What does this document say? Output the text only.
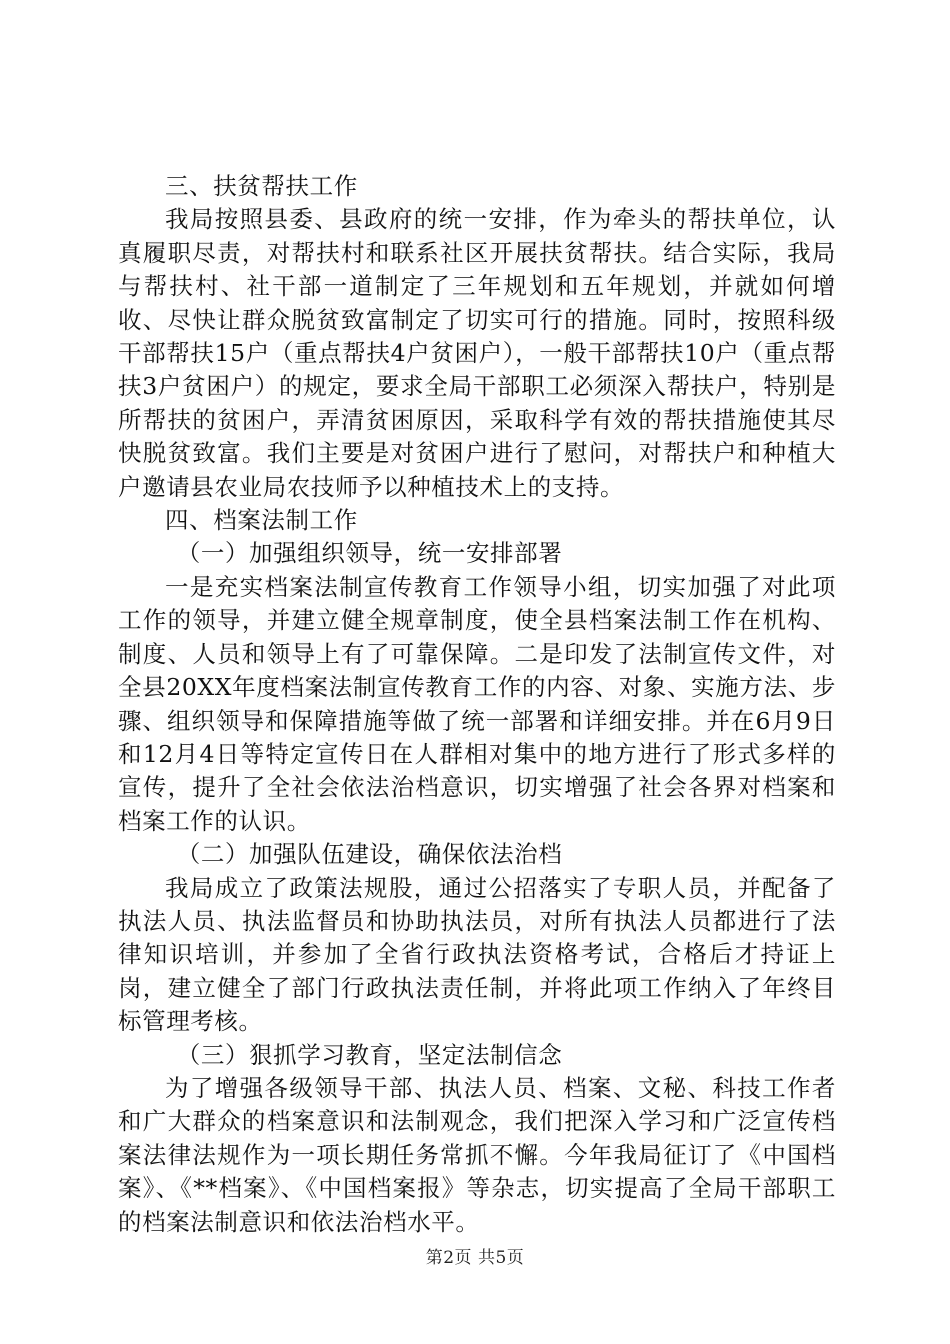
三、扶贫帮扶工作

我局按照县委、县政府的统一安排，作为牵头的帮扶单位，认真履职尽责，对帮扶村和联系社区开展扶贫帮扶。结合实际，我局与帮扶村、社干部一道制定了三年规划和五年规划，并就如何增收、尽快让群众脱贫致富制定了切实可行的措施。同时，按照科级干部帮扶15户（重点帮扶4户贫困户），一般干部帮扶10户（重点帮扶3户贫困户）的规定，要求全局干部职工必须深入帮扶户，特别是所帮扶的贫困户，弄清贫困原因，采取科学有效的帮扶措施使其尽快脱贫致富。我们主要是对贫困户进行了慰问，对帮扶户和种植大户邀请县农业局农技师予以种植技术上的支持。

四、档案法制工作

（一）加强组织领导，统一安排部署

一是充实档案法制宣传教育工作领导小组，切实加强了对此项工作的领导，并建立健全规章制度，使全县档案法制工作在机构、制度、人员和领导上有了可靠保障。二是印发了法制宣传文件，对全县20XX年度档案法制宣传教育工作的内容、对象、实施方法、步骤、组织领导和保障措施等做了统一部署和详细安排。并在6月9日和12月4日等特定宣传日在人群相对集中的地方进行了形式多样的宣传，提升了全社会依法治档意识，切实增强了社会各界对档案和档案工作的认识。

（二）加强队伍建设，确保依法治档

我局成立了政策法规股，通过公招落实了专职人员，并配备了执法人员、执法监督员和协助执法员，对所有执法人员都进行了法律知识培训，并参加了全省行政执法资格考试，合格后才持证上岗，建立健全了部门行政执法责任制，并将此项工作纳入了年终目标管理考核。

（三）狠抓学习教育，坚定法制信念

为了增强各级领导干部、执法人员、档案、文秘、科技工作者和广大群众的档案意识和法制观念，我们把深入学习和广泛宣传档案法律法规作为一项长期任务常抓不懈。今年我局征订了《中国档案》、《**档案》、《中国档案报》等杂志，切实提高了全局干部职工的档案法制意识和依法治档水平。

第2页 共5页
